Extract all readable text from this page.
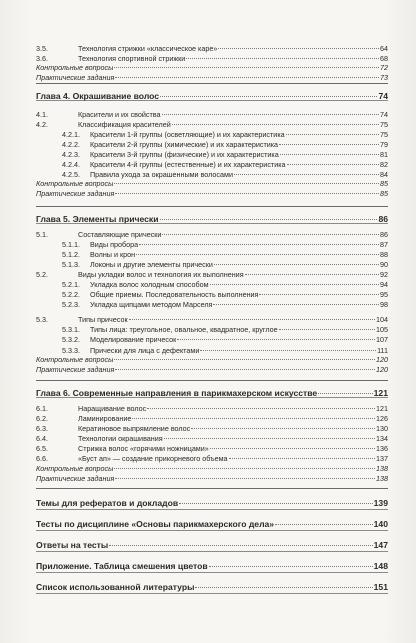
3.5.	Технология стрижки «классическое каре»	64
3.6.	Технология спортивной стрижки	68
Контрольные вопросы	72
Практические задания	73
Глава 4. Окрашивание волос	74
4.1.	Красители и их свойства	74
4.2.	Классификация красителей	75
4.2.1.	Красители 1-й группы (осветляющие) и их характеристика	75
4.2.2.	Красители 2-й группы (химические) и их характеристика	79
4.2.3.	Красители 3-й группы (физические) и их характеристика	81
4.2.4.	Красители 4-й группы (естественные) и их характеристика	82
4.2.5.	Правила ухода за окрашенными волосами	84
Контрольные вопросы	85
Практические задания	85
Глава 5. Элементы прически	86
5.1.	Составляющие прически	86
5.1.1.	Виды пробора	87
5.1.2.	Волны и крон	88
5.1.3.	Локоны и другие элементы прически	90
5.2.	Виды укладки волос и технология их выполнения	92
5.2.1.	Укладка волос холодным способом	94
5.2.2.	Общие приемы. Последовательность выполнения	95
5.2.3.	Укладка щипцами методом Марселя	98
5.3.	Типы причесок	104
5.3.1.	Типы лица: треугольное, овальное, квадратное, круглое	105
5.3.2.	Моделирование причесок	107
5.3.3.	Прически для лица с дефектами	111
Контрольные вопросы	120
Практические задания	120
Глава 6. Современные направления в парикмахерском искусстве	121
6.1.	Наращивание волос	121
6.2.	Ламинирование	126
6.3.	Кератиновое выпрямление волос	130
6.4.	Технологии окрашивания	134
6.5.	Стрижка волос «горячими ножницами»	136
6.6.	«Буст ап» — создание прикорневого объема	137
Контрольные вопросы	138
Практические задания	138
Темы для рефератов и докладов	139
Тесты по дисциплине «Основы парикмахерского дела»	140
Ответы на тесты	147
Приложение. Таблица смешения цветов	148
Список использованной литературы	151
